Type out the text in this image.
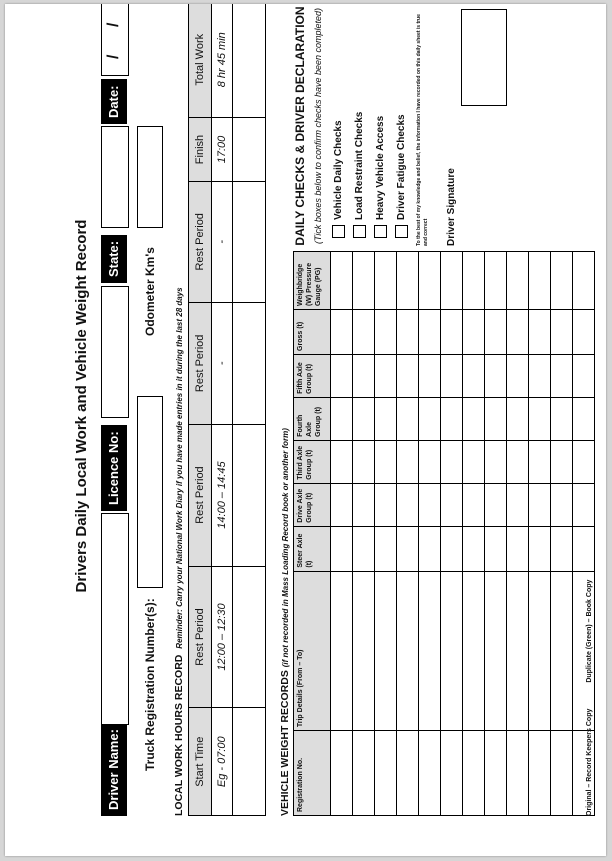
Drivers Daily Local Work and Vehicle Weight Record
Driver Name:
Licence No:
State:
Date:
/
/
Truck Registration Number(s):
Odometer Km's
LOCAL WORK HOURS RECORD Reminder: Carry your National Work Diary if you have made entries in it during the last 28 days
Start Time	Rest Period	Rest Period	Rest Period	Rest Period	Finish	Total Work
Eg - 07:00	12:00 – 12:30	14:00 – 14:45	-	-	17:00	8 hr 45 min

VEHICLE WEIGHT RECORDS (if not recorded in Mass Loading Record book or another form)
Registration No.	Trip Details (From – To)	Steer Axle (t)	Drive Axle Group (t)	Third Axle Group (t)	Fourth Axle Group (t)	Fifth Axle Group (t)	Gross (t)	Weighbridge (W) Pressure Gauge (PG)

DAILY CHECKS & DRIVER DECLARATION (Tick boxes below to confirm checks have been completed) Vehicle Daily Checks Load Restraint Checks Heavy Vehicle Access Driver Fatigue Checks To the best of my knowledge and belief, the information I have recorded on this daily sheet is true and correct Driver Signature
Original – Record Keepers Copy Duplicate (Green) – Book Copy
